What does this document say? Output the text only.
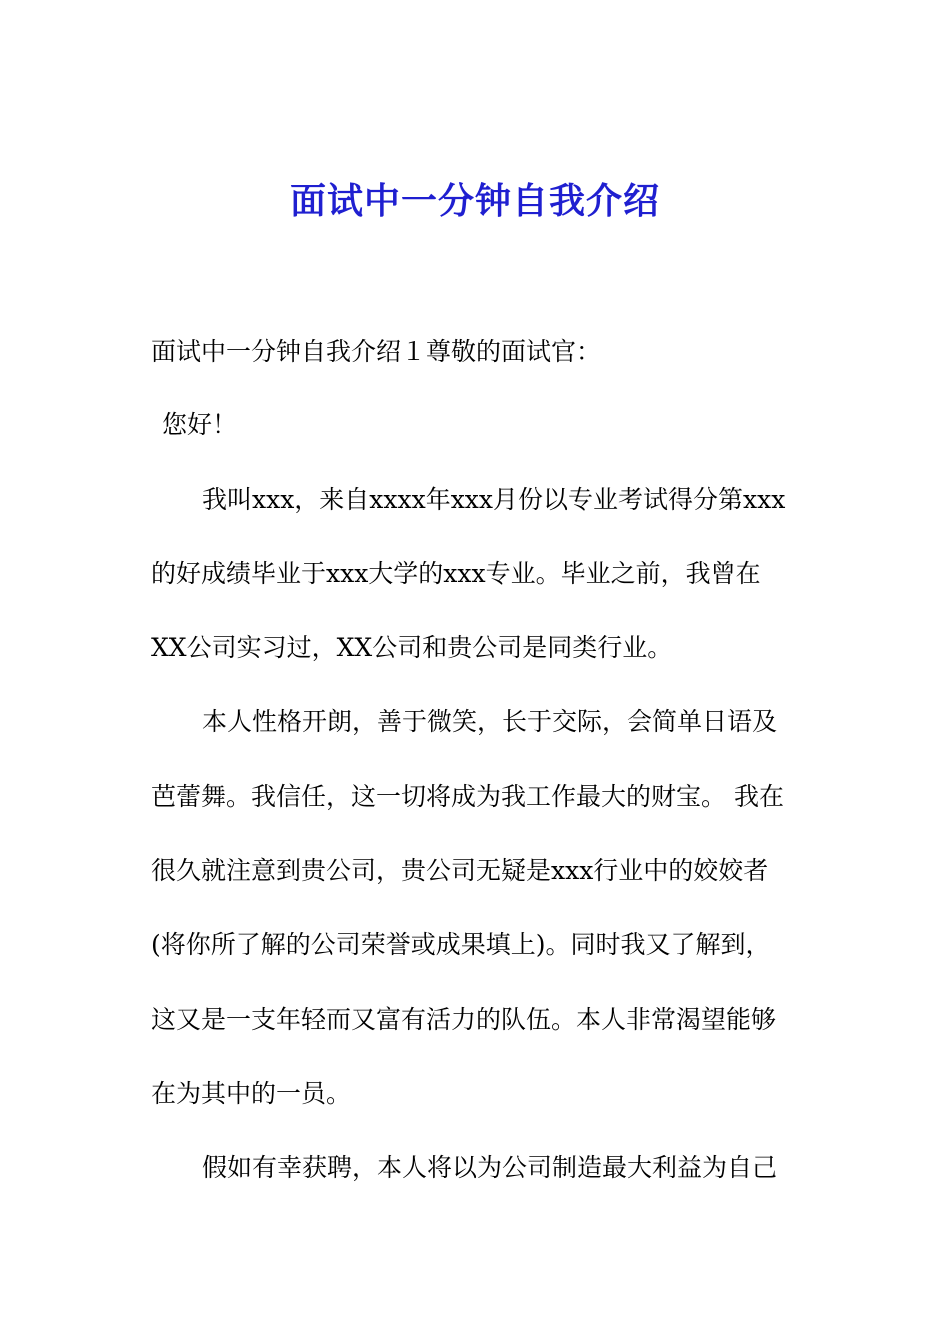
面试中一分钟自我介绍
面试中一分钟自我介绍１尊敬的面试官：
您好！
我叫xxx，来自xxxx年xxx月份以专业考试得分第xxx
的好成绩毕业于xxx大学的xxx专业。毕业之前，我曾在
XX公司实习过，XX公司和贵公司是同类行业。
本人性格开朗，善于微笑，长于交际，会简单日语及
芭蕾舞。我信任，这一切将成为我工作最大的财宝。 我在
很久就注意到贵公司，贵公司无疑是xxx行业中的姣姣者
(将你所了解的公司荣誉或成果填上)。同时我又了解到，
这又是一支年轻而又富有活力的队伍。本人非常渴望能够
在为其中的一员。
假如有幸获聘，本人将以为公司制造最大利益为自己
